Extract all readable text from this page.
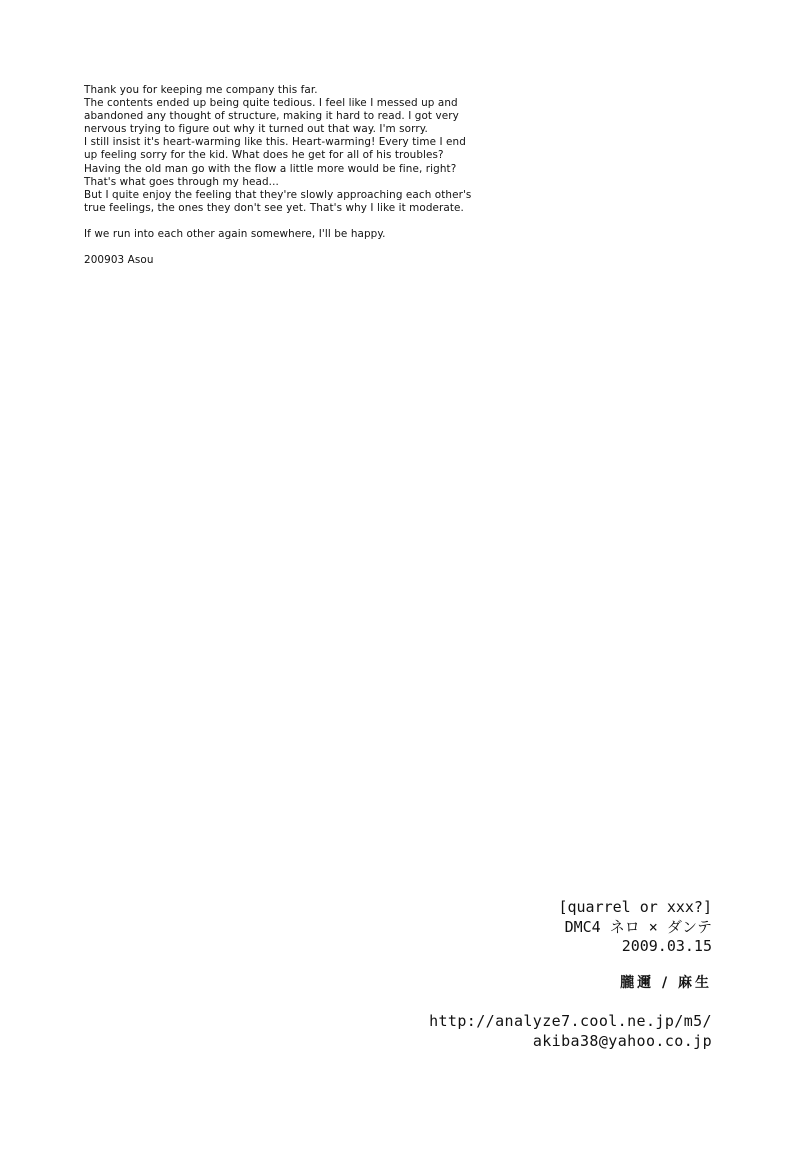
Thank you for keeping me company this far.
The contents ended up being quite tedious. I feel like I messed up and
abandoned any thought of structure, making it hard to read. I got very
nervous trying to figure out why it turned out that way. I'm sorry.
I still insist it's heart-warming like this. Heart-warming! Every time I end
up feeling sorry for the kid. What does he get for all of his troubles?
Having the old man go with the flow a little more would be fine, right?
That's what goes through my head...
But I quite enjoy the feeling that they're slowly approaching each other's
true feelings, the ones they don't see yet. That's why I like it moderate.
If we run into each other again somewhere, I'll be happy.
200903 Asou
[quarrel or xxx?]
DMC4 ネロ × ダンテ
2009.03.15
朧邇 / 麻生
http://analyze7.cool.ne.jp/m5/
akiba38@yahoo.co.jp
